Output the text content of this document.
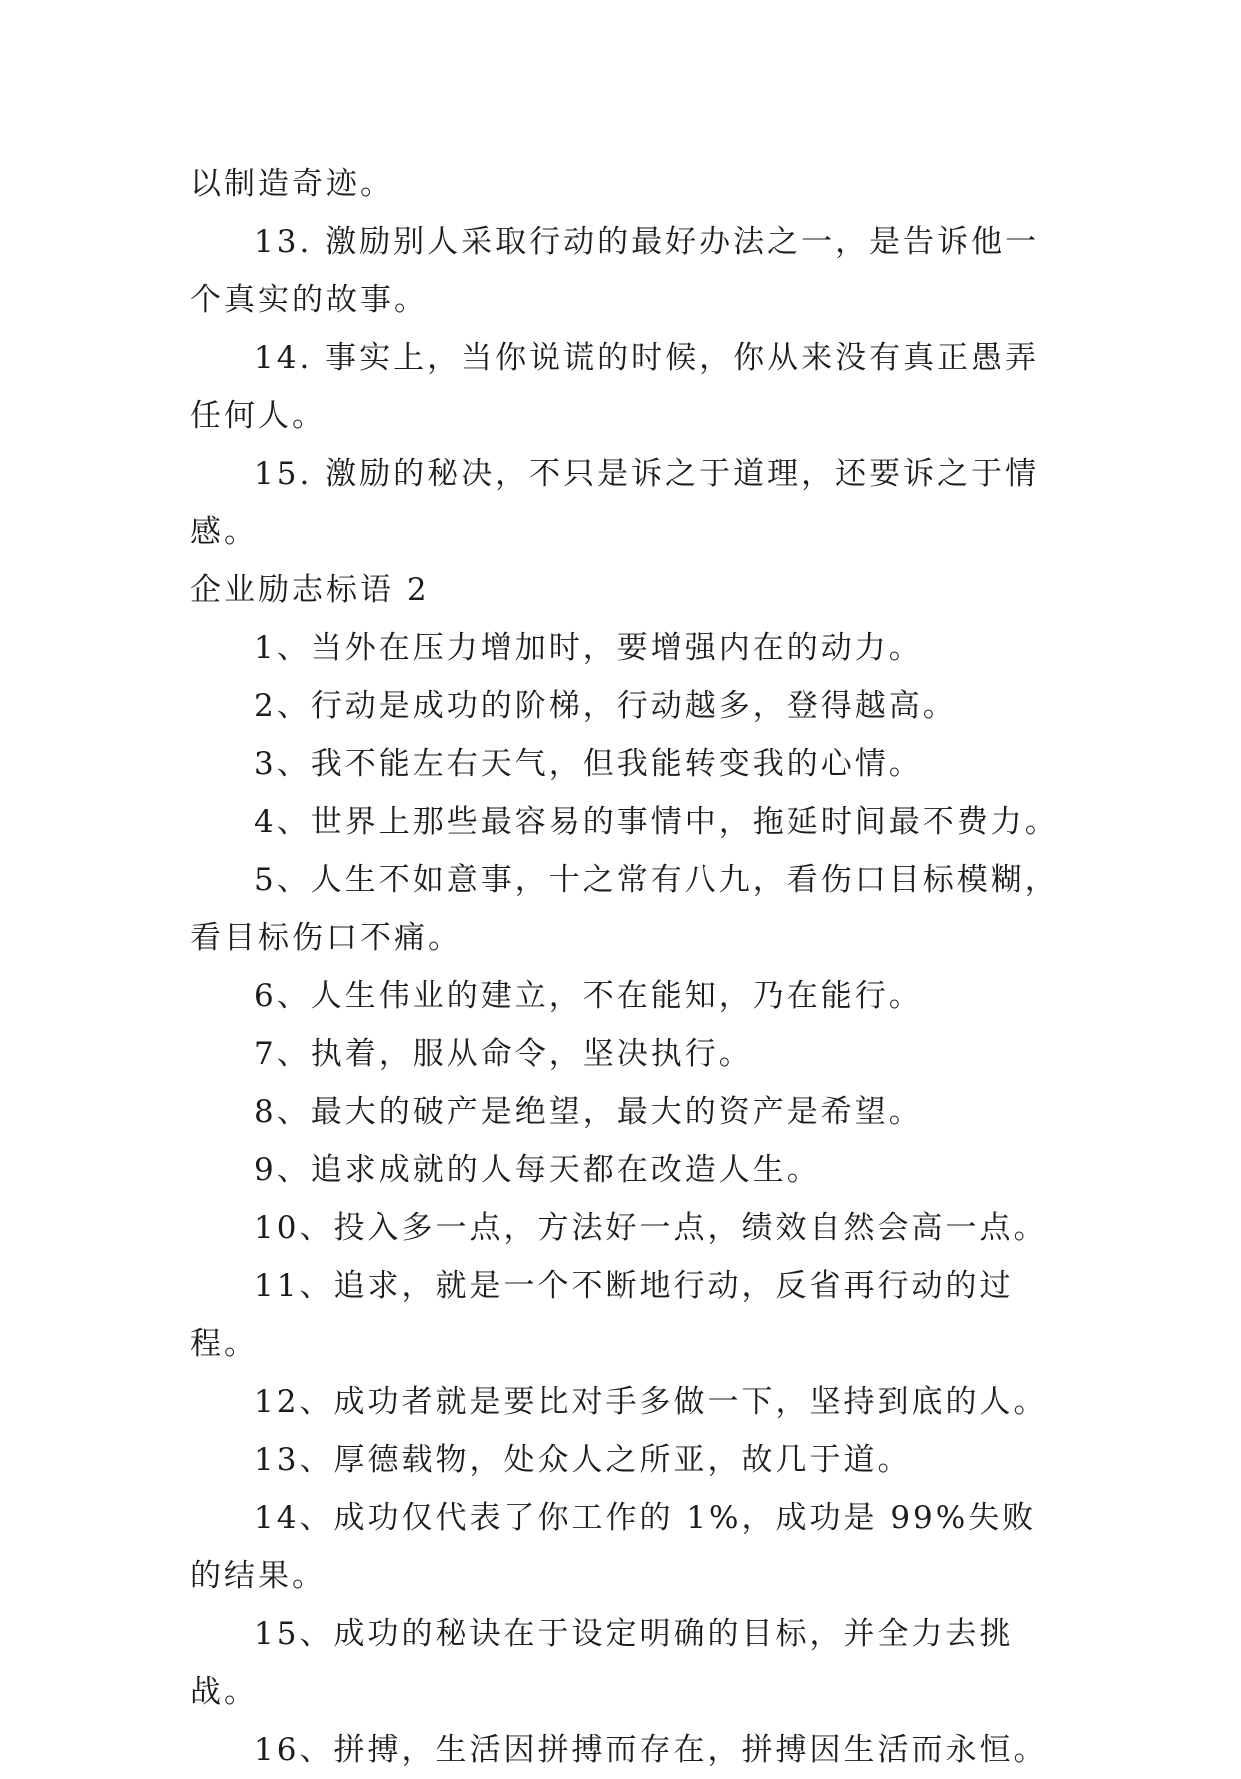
以制造奇迹。

13. 激励别人采取行动的最好办法之一，是告诉他一个真实的故事。

14. 事实上，当你说谎的时候，你从来没有真正愚弄任何人。

15. 激励的秘决，不只是诉之于道理，还要诉之于情感。

企业励志标语 2

1、当外在压力增加时，要增强内在的动力。

2、行动是成功的阶梯，行动越多，登得越高。

3、我不能左右天气，但我能转变我的心情。

4、世界上那些最容易的事情中，拖延时间最不费力。

5、人生不如意事，十之常有八九，看伤口目标模糊，看目标伤口不痛。

6、人生伟业的建立，不在能知，乃在能行。

7、执着，服从命令，坚决执行。

8、最大的破产是绝望，最大的资产是希望。

9、追求成就的人每天都在改造人生。

10、投入多一点，方法好一点，绩效自然会高一点。

11、追求，就是一个不断地行动，反省再行动的过程。

12、成功者就是要比对手多做一下，坚持到底的人。

13、厚德载物，处众人之所亚，故几于道。

14、成功仅代表了你工作的 1%，成功是 99%失败的结果。

15、成功的秘诀在于设定明确的目标，并全力去挑战。

16、拼搏，生活因拼搏而存在，拼搏因生活而永恒。
